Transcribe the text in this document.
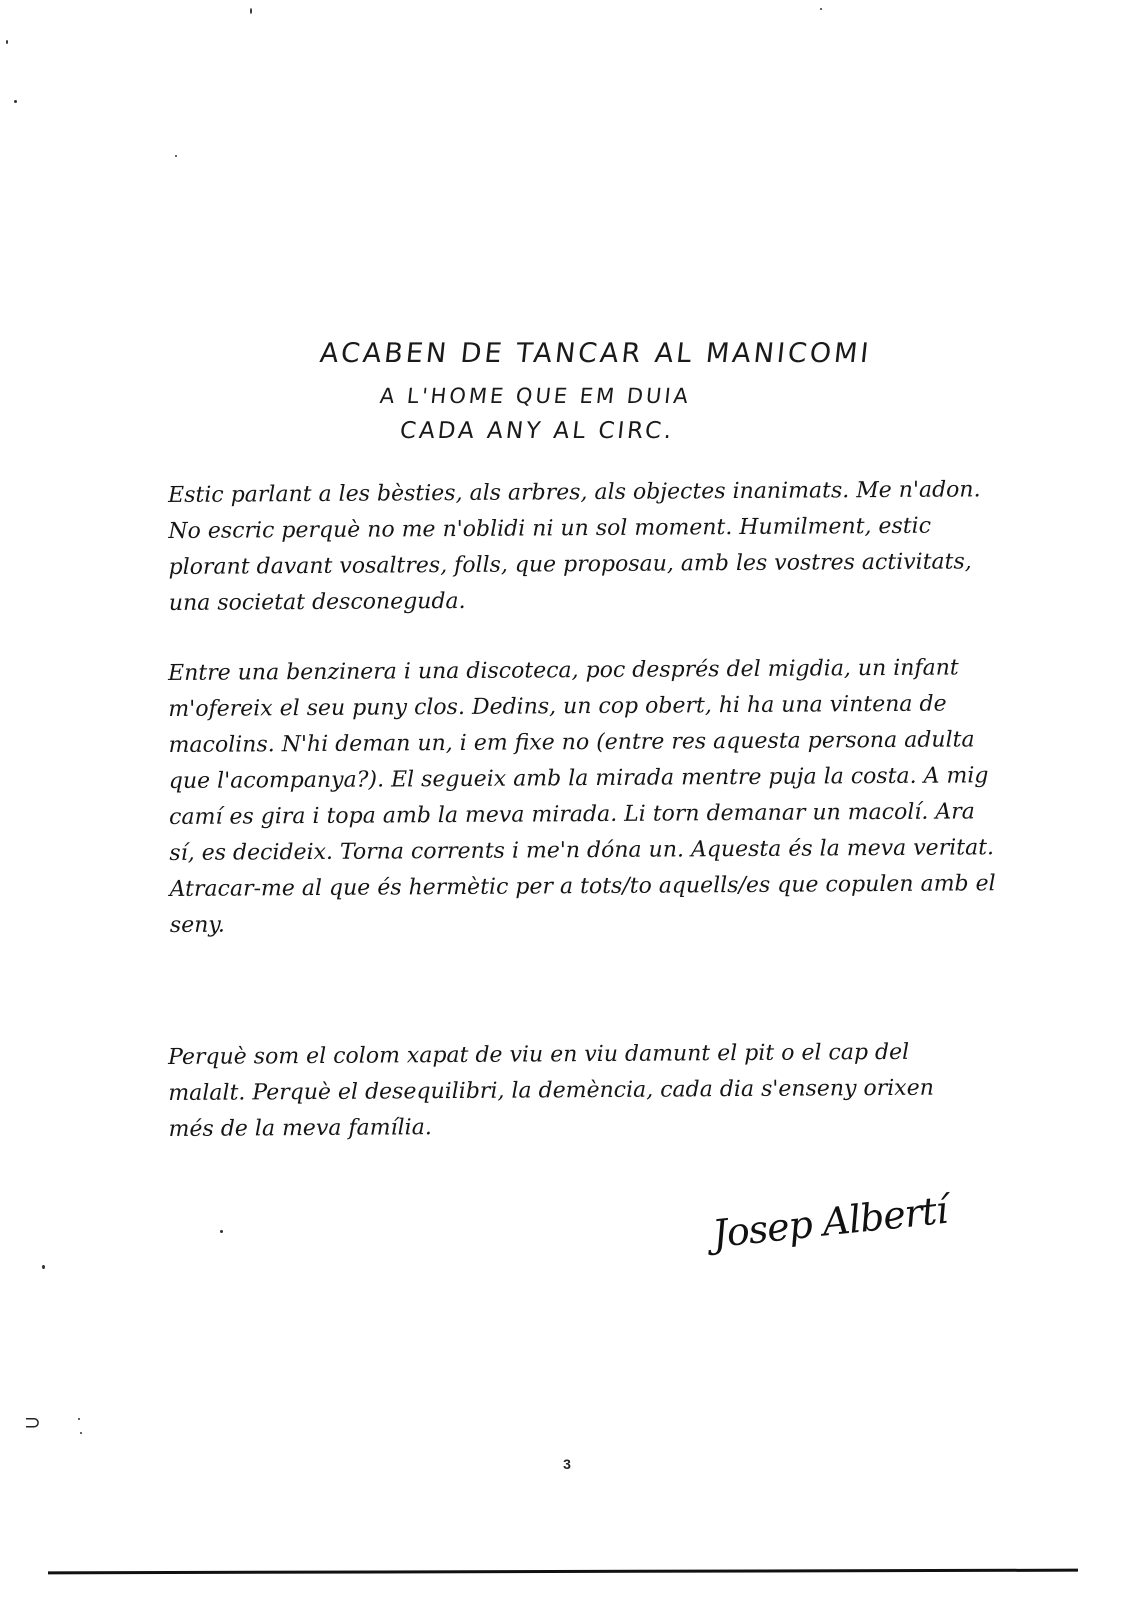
⊃
ACABEN DE TANCAR AL MANICOMI
A L'HOME QUE EM DUIA
CADA ANY AL CIRC.

Estic parlant a les bèsties, als arbres, als objectes inanimats. Me n'adon. No escric perquè no me n'oblidi ni un sol moment. Humilment, estic plorant davant vosaltres, folls, que proposau, amb les vostres activitats, una societat desconeguda.

Entre una benzinera i una discoteca, poc després del migdia, un infant m'ofereix el seu puny clos. Dedins, un cop obert, hi ha una vintena de macolins. N'hi deman un, i em fixe no (entre res aquesta persona adulta que l'acompanya?). El segueix amb la mirada mentre puja la costa. A mig camí es gira i topa amb la meva mirada. Li torn demanar un macolí. Ara sí, es decideix. Torna corrents i me'n dóna un. Aquesta és la meva veritat. Atracar-me al que és hermètic per a tots/to aquells/es que copulen amb el seny.

Perquè som el colom xapat de viu en viu damunt el pit o el cap del malalt. Perquè el desequilibri, la demència, cada dia s'enseny orixen més de la meva família.

Josep Albertí
3
